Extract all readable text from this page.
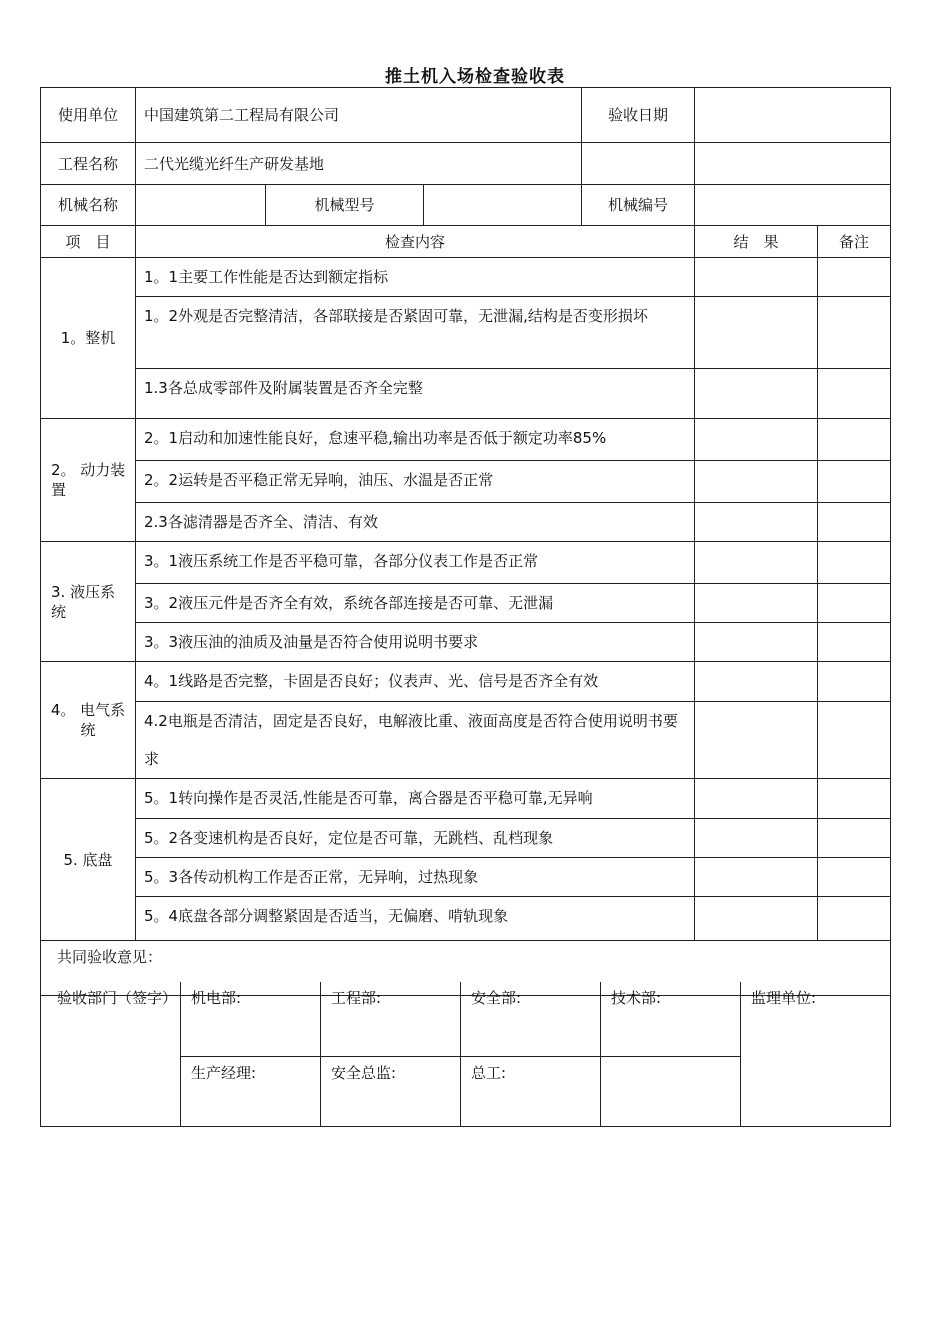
推土机入场检查验收表
使用单位	中国建筑第二工程局有限公司			验收日期		
工程名称	二代光缆光纤生产研发基地					
机械名称		机械型号		机械编号		
项　目	检查内容				结　果	备注
1。整机	1。1主要工作性能是否达到额定指标					
	1。2外观是否完整清洁，各部联接是否紧固可靠，无泄漏,结构是否变形损坏					
	1.3各总成零部件及附属装置是否齐全完整					
2。 动力装置	2。1启动和加速性能良好，怠速平稳,输出功率是否低于额定功率85%					
	2。2运转是否平稳正常无异响，油压、水温是否正常					
	2.3各滤清器是否齐全、清洁、有效					
3. 液压系统	3。1液压系统工作是否平稳可靠，各部分仪表工作是否正常					
	3。2液压元件是否齐全有效，系统各部连接是否可靠、无泄漏					
	3。3液压油的油质及油量是否符合使用说明书要求					
4。 电气系统	4。1线路是否完整，卡固是否良好；仪表声、光、信号是否齐全有效					
	4.2电瓶是否清洁，固定是否良好，电解液比重、液面高度是否符合使用说明书要求					
5. 底盘	5。1转向操作是否灵活,性能是否可靠，离合器是否平稳可靠,无异响					
	5。2各变速机构是否良好，定位是否可靠，无跳档、乱档现象					
	5。3各传动机构工作是否正常，无异响，过热现象					
	5。4底盘各部分调整紧固是否适当，无偏磨、啃轨现象					
共同验收意见：						
验收部门（签字）	机电部:	工程部:	安全部:	技术部:	监理单位:
	生产经理:	安全总监:	总工:		
